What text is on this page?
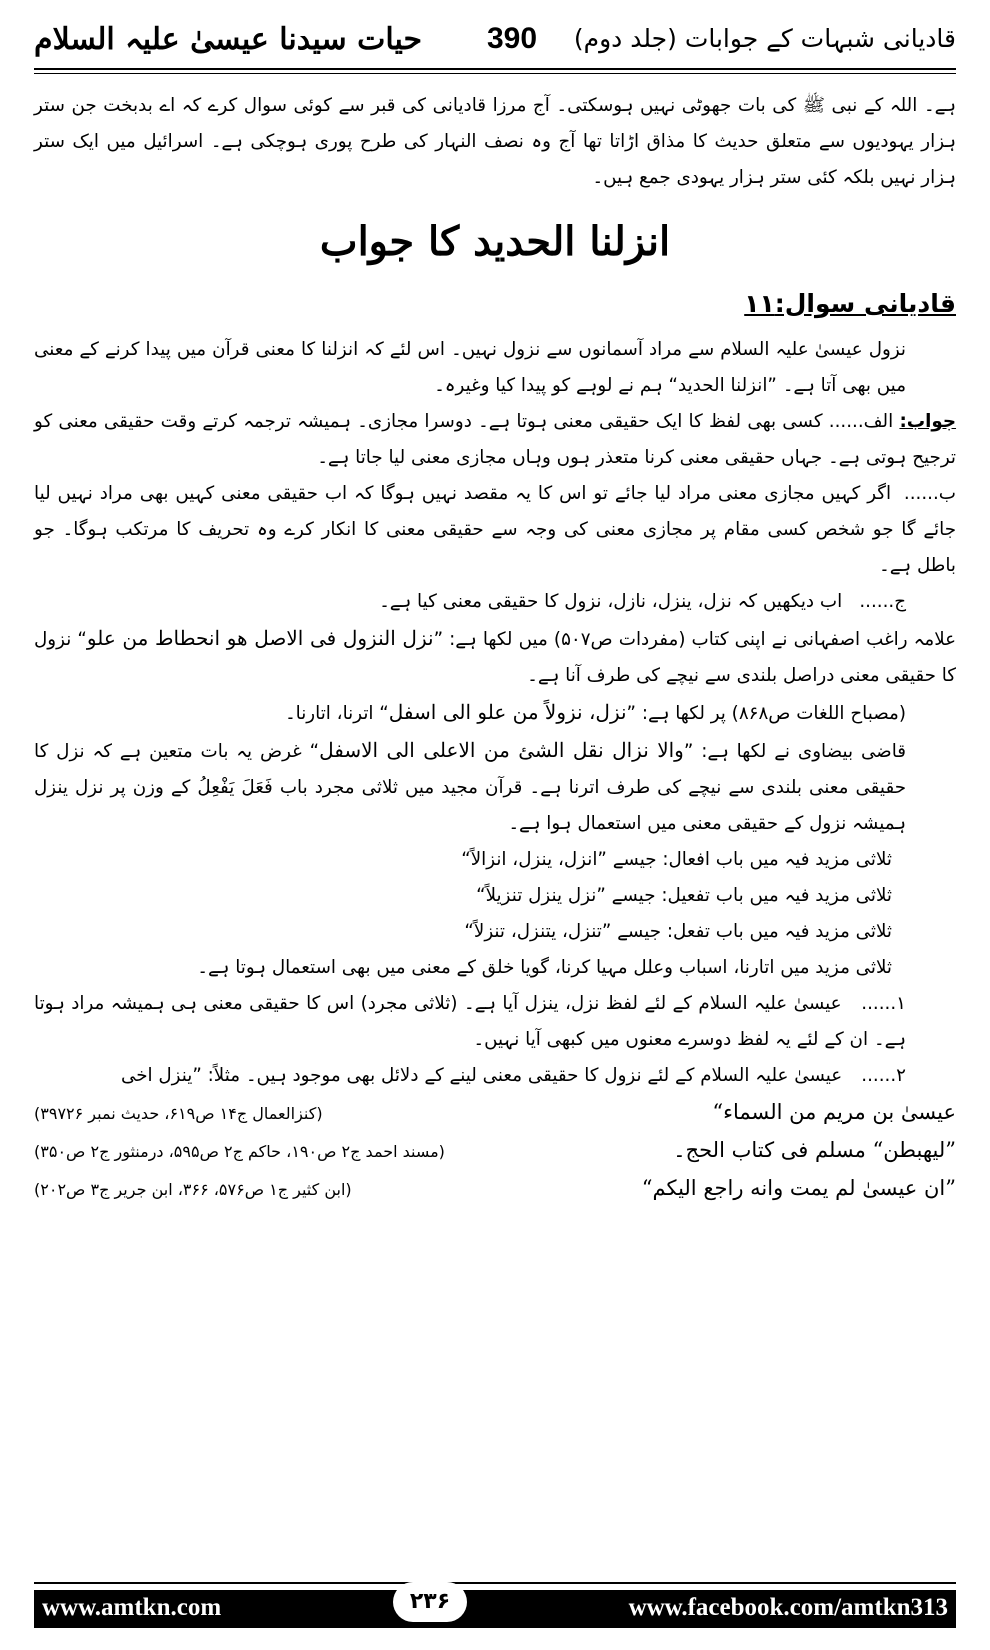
حیات سیدنا عیسیٰ علیہ السلام 390 قادیانی شبہات کے جوابات (جلد دوم)

ہے۔ اللہ کے نبی ﷺ کی بات جھوٹی نہیں ہوسکتی۔ آج مرزا قادیانی کی قبر سے کوئی سوال کرے کہ اے بدبخت جن ستر ہزار یہودیوں سے متعلق حدیث کا مذاق اڑاتا تھا آج وہ نصف النہار کی طرح پوری ہوچکی ہے۔ اسرائیل میں ایک ستر ہزار نہیں بلکہ کئی ستر ہزار یہودی جمع ہیں۔

انزلنا الحدید کا جواب
قادیانی سوال:۱۱

نزول عیسیٰ علیہ السلام سے مراد آسمانوں سے نزول نہیں۔ اس لئے کہ انزلنا کا معنی قرآن میں پیدا کرنے کے معنی میں بھی آتا ہے۔ ”انزلنا الحدید“ ہم نے لوہے کو پیدا کیا وغیرہ۔

جواب: الف...... کسی بھی لفظ کا ایک حقیقی معنی ہوتا ہے۔ دوسرا مجازی۔ ہمیشہ ترجمہ کرتے وقت حقیقی معنی کو ترجیح ہوتی ہے۔ جہاں حقیقی معنی کرنا متعذر ہوں وہاں مجازی معنی لیا جاتا ہے۔

ب...... اگر کہیں مجازی معنی مراد لیا جائے تو اس کا یہ مقصد نہیں ہوگا کہ اب حقیقی معنی کہیں بھی مراد نہیں لیا جائے گا جو شخص کسی مقام پر مجازی معنی کی وجہ سے حقیقی معنی کا انکار کرے وہ تحریف کا مرتکب ہوگا۔ جو باطل ہے۔

ج...... اب دیکھیں کہ نزل، ینزل، نازل، نزول کا حقیقی معنی کیا ہے۔

علامہ راغب اصفہانی نے اپنی کتاب (مفردات ص۵۰۷) میں لکھا ہے: ”نزل النزول فی الاصل هو انحطاط من علو“ نزول کا حقیقی معنی دراصل بلندی سے نیچے کی طرف آنا ہے۔

(مصباح اللغات ص۸۶۸) پر لکھا ہے: ”نزل، نزولاً من علو الی اسفل“ اترنا، اتارنا۔

قاضی بیضاوی نے لکھا ہے: ”والا نزال نقل الشئ من الاعلی الی الاسفل“ غرض یہ بات متعین ہے کہ نزل کا حقیقی معنی بلندی سے نیچے کی طرف اترنا ہے۔ قرآن مجید میں ثلاثی مجرد باب فَعَلَ یَفْعِلُ کے وزن پر نزل ینزل ہمیشہ نزول کے حقیقی معنی میں استعمال ہوا ہے۔

ثلاثی مزید فیہ میں باب افعال: جیسے ”انزل، ینزل، انزالاً“

ثلاثی مزید فیہ میں باب تفعیل: جیسے ”نزل ینزل تنزیلاً“

ثلاثی مزید فیہ میں باب تفعل: جیسے ”تنزل، یتنزل، تنزلاً“

ثلاثی مزید میں اتارنا، اسباب وعلل مہیا کرنا، گویا خلق کے معنی میں بھی استعمال ہوتا ہے۔

۱...... عیسیٰ علیہ السلام کے لئے لفظ نزل، ینزل آیا ہے۔ (ثلاثی مجرد) اس کا حقیقی معنی ہی ہمیشہ مراد ہوتا ہے۔ ان کے لئے یہ لفظ دوسرے معنوں میں کبھی آیا نہیں۔

۲...... عیسیٰ علیہ السلام کے لئے نزول کا حقیقی معنی لینے کے دلائل بھی موجود ہیں۔ مثلاً: ”ینزل اخی

عیسیٰ بن مریم من السماء“
(کنزالعمال ج۱۴ ص۶۱۹، حدیث نمبر ۳۹۷۲۶)
”لیهبطن“ مسلم فی کتاب الحج۔
(مسند احمد ج۲ ص۱۹۰، حاکم ج۲ ص۵۹۵، درمنثور ج۲ ص۳۵۰)
”ان عیسیٰ لم یمت وانه راجع الیکم“
(ابن کثیر ج۱ ص۵۷۶، ۳۶۶، ابن جریر ج۳ ص۲۰۲)
www.amtkn.com	۲۳۶	www.facebook.com/amtkn313
